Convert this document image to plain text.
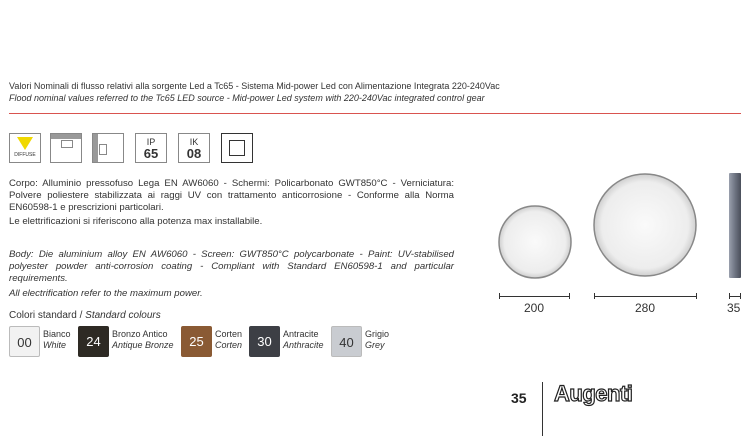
Valori Nominali di flusso relativi alla sorgente Led a Tc65 - Sistema Mid-power Led con Alimentazione Integrata 220-240Vac
Flood nominal values referred to the Tc65 LED source - Mid-power Led system with 220-240Vac integrated control gear
DIFFUSE
IP
65
IK
08
Corpo: Alluminio pressofuso Lega EN AW6060 - Schermi: Policarbonato GWT850°C - Verniciatura: Polvere poliestere stabilizzata ai raggi UV con trattamento anticorrosione - Conforme alla Norma EN60598-1 e prescrizioni particolari.
Le elettrificazioni si riferiscono alla potenza max installabile.
Body: Die aluminium alloy EN AW6060 - Screen: GWT850°C polycarbonate - Paint: UV-stabilised polyester powder anti-corrosion coating - Compliant with Standard EN60598-1 and particular requirements.
All electrification refer to the maximum power.
Colori standard / Standard colours
00
Bianco
White	24	Bronzo Antico
Antique Bronze	25	Corten
Corten	30	Antracite
Anthracite	40
Grigio
Grey
200	280	35
35 Augenti
